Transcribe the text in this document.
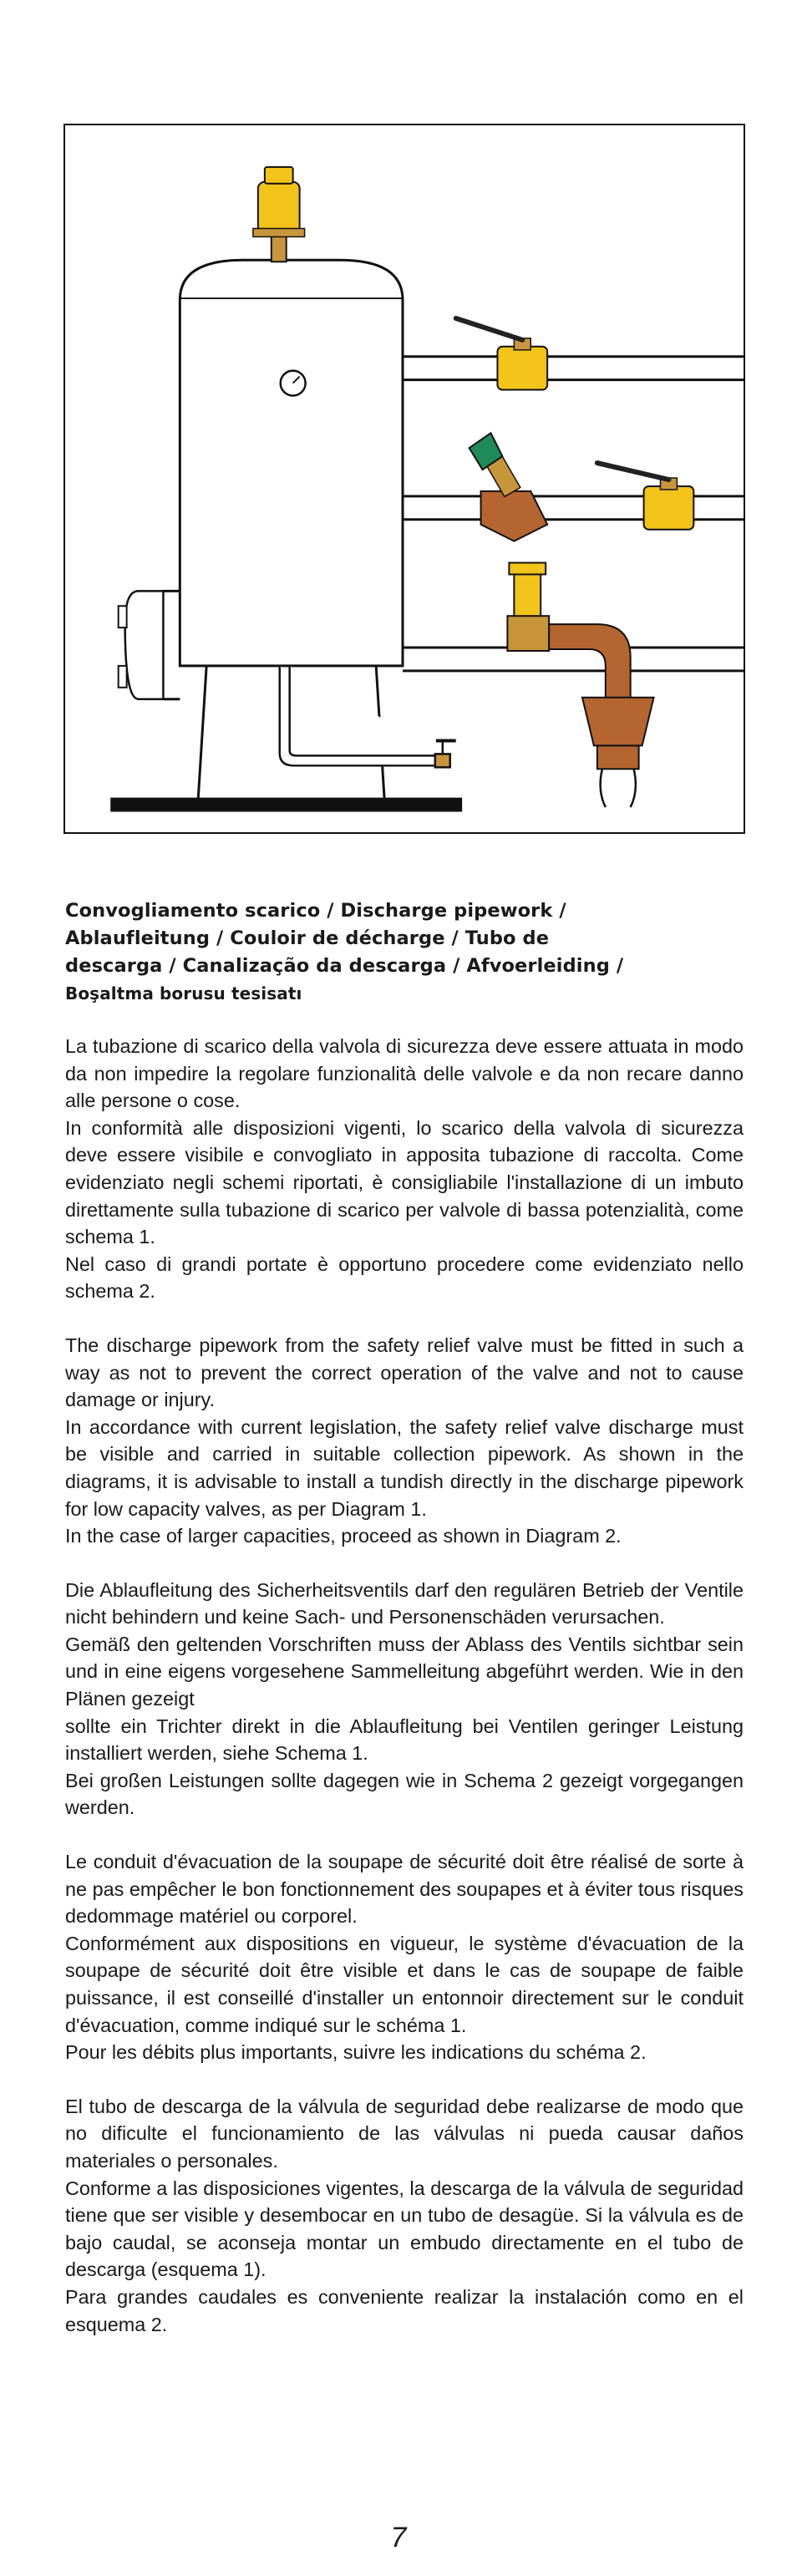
Convogliamento scarico / Discharge pipework /
Ablaufleitung / Couloir de décharge / Tubo de
descarga / Canalização da descarga / Afvoerleiding /

Boşaltma borusu tesisatı

La tubazione di scarico della valvola di sicurezza deve essere attuata in modo da non impedire la regolare funzionalità delle valvole e da non recare danno alle persone o cose.

In conformità alle disposizioni vigenti, lo scarico della valvola di sicurezza deve essere visibile e convogliato in apposita tubazione di raccolta. Come evidenziato negli schemi riportati, è consigliabile l'installazione di un imbuto direttamente sulla tubazione di scarico per valvole di bassa potenzialità, come schema 1.

Nel caso di grandi portate è opportuno procedere come evidenziato nello schema 2.

The discharge pipework from the safety relief valve must be fitted in such a way as not to prevent the correct operation of the valve and not to cause damage or injury.

In accordance with current legislation, the safety relief valve discharge must be visible and carried in suitable collection pipework. As shown in the diagrams, it is advisable to install a tundish directly in the discharge pipework for low capacity valves, as per Diagram 1.

In the case of larger capacities, proceed as shown in Diagram 2.

Die Ablaufleitung des Sicherheitsventils darf den regulären Betrieb der Ventile nicht behindern und keine Sach- und Personenschäden verursachen.

Gemäß den geltenden Vorschriften muss der Ablass des Ventils sichtbar sein und in eine eigens vorgesehene Sammelleitung abgeführt werden. Wie in den Plänen gezeigt

sollte ein Trichter direkt in die Ablaufleitung bei Ventilen geringer Leistung installiert werden, siehe Schema 1.

Bei großen Leistungen sollte dagegen wie in Schema 2 gezeigt vorgegangen werden.

Le conduit d'évacuation de la soupape de sécurité doit être réalisé de sorte à ne pas empêcher le bon fonctionnement des soupapes et à éviter tous risques dedommage matériel ou corporel.

Conformément aux dispositions en vigueur, le système d'évacuation de la soupape de sécurité doit être visible et dans le cas de soupape de faible puissance, il est conseillé d'installer un entonnoir directement sur le conduit d'évacuation, comme indiqué sur le schéma 1.

Pour les débits plus importants, suivre les indications du schéma 2.

El tubo de descarga de la válvula de seguridad debe realizarse de modo que no dificulte el funcionamiento de las válvulas ni pueda causar daños materiales o personales.

Conforme a las disposiciones vigentes, la descarga de la válvula de seguridad tiene que ser visible y desembocar en un tubo de desagüe. Si la válvula es de bajo caudal, se aconseja montar un embudo directamente en el tubo de descarga (esquema 1).

Para grandes caudales es conveniente realizar la instalación como en el esquema 2.

7
